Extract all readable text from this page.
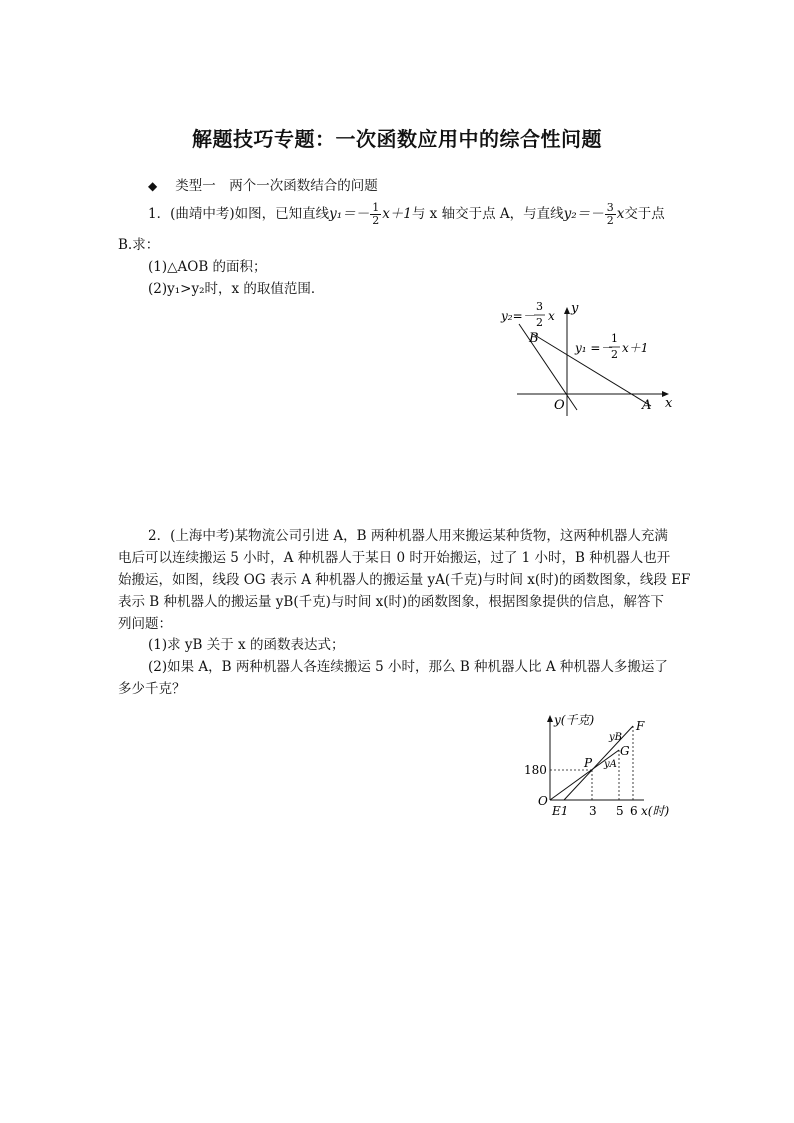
解题技巧专题：一次函数应用中的综合性问题
◆ 类型一　两个一次函数结合的问题
1．(曲靖中考)如图，已知直线$y_1=- \frac{1}{2} x+1$与 x 轴交于点 A，与直线$y_2=- \frac{3}{2}$ x交于点
B.求：
(1)△AOB 的面积；
(2)y₁>y₂时，x 的取值范围．
y₂=－
3
2 x y
B
y₁ =－
1
2 x＋1
O	A x
2．(上海中考)某物流公司引进 A，B 两种机器人用来搬运某种货物，这两种机器人充满
电后可以连续搬运 5 小时，A 种机器人于某日 0 时开始搬运，过了 1 小时，B 种机器人也开
始搬运，如图，线段 OG 表示 A 种机器人的搬运量 yA(千克)与时间 x(时)的函数图象，线段 EF
表示 B 种机器人的搬运量 yB(千克)与时间 x(时)的函数图象，根据图象提供的信息，解答下
列问题：
(1)求 yB 关于 x 的函数表达式；
(2)如果 A，B 两种机器人各连续搬运 5 小时，那么 B 种机器人比 A 种机器人多搬运了
多少千克？
y(千克)	F
yB
G
P yA
180
O
E1 3 5 6 x(时)
